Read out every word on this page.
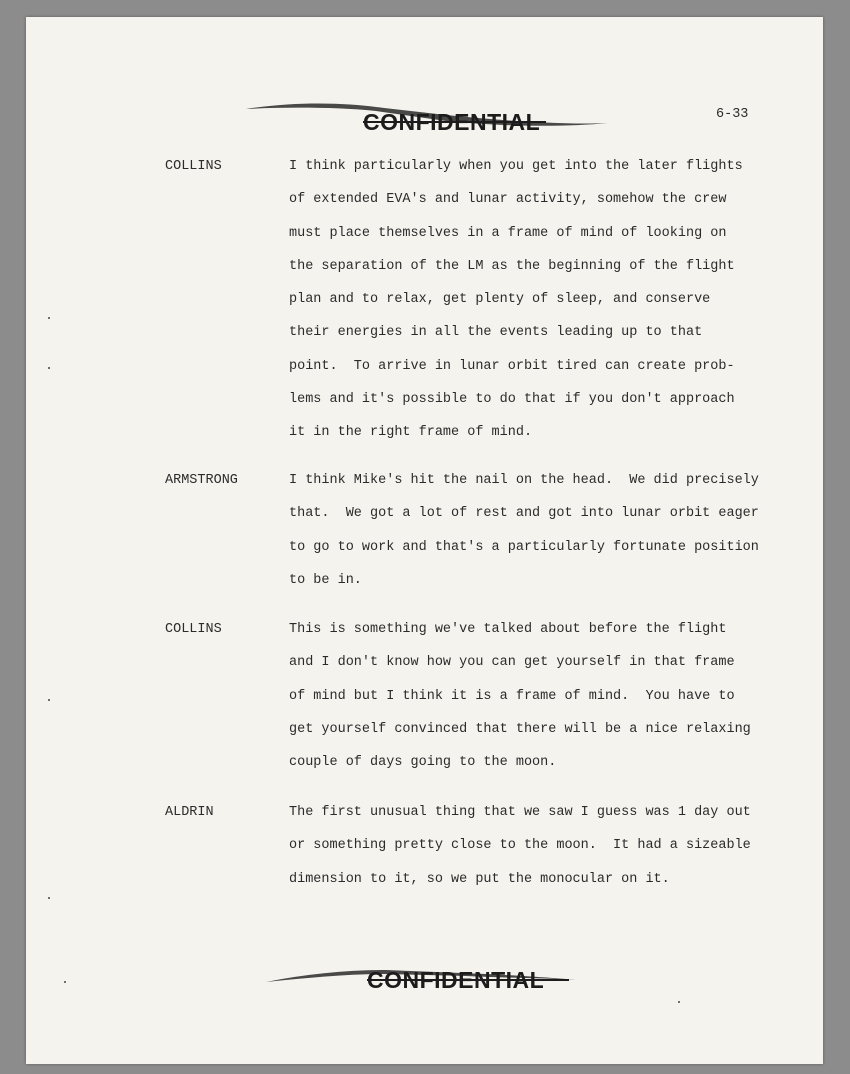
CONFIDENTIAL	6-33
COLLINS	I think particularly when you get into the later flights
of extended EVA's and lunar activity, somehow the crew
must place themselves in a frame of mind of looking on
the separation of the LM as the beginning of the flight
plan and to relax, get plenty of sleep, and conserve
their energies in all the events leading up to that
point.  To arrive in lunar orbit tired can create prob-
lems and it's possible to do that if you don't approach
it in the right frame of mind.
ARMSTRONG	I think Mike's hit the nail on the head.  We did precisely
that.  We got a lot of rest and got into lunar orbit eager
to go to work and that's a particularly fortunate position
to be in.
COLLINS	This is something we've talked about before the flight
and I don't know how you can get yourself in that frame
of mind but I think it is a frame of mind.  You have to
get yourself convinced that there will be a nice relaxing
couple of days going to the moon.
ALDRIN	The first unusual thing that we saw I guess was 1 day out
or something pretty close to the moon.  It had a sizeable
dimension to it, so we put the monocular on it.
CONFIDENTIAL
